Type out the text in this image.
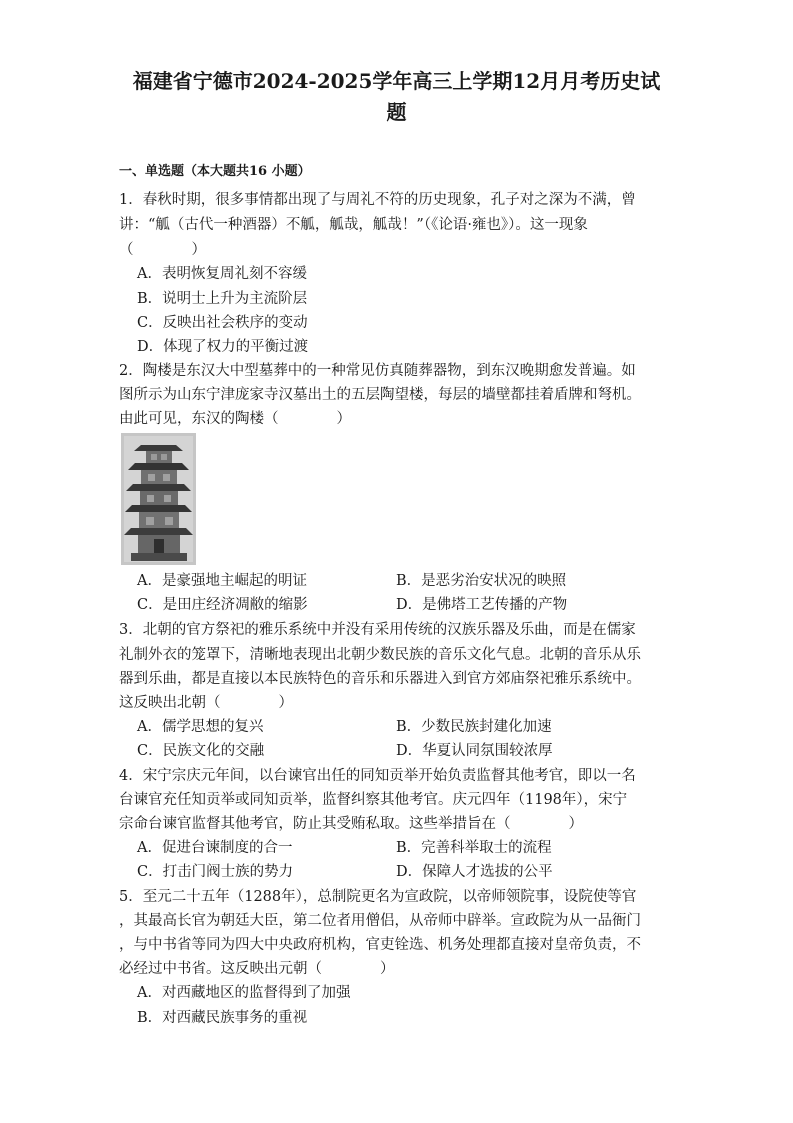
福建省宁德市2024-2025学年高三上学期12月月考历史试
题
一、单选题（本大题共16 小题）
1．春秋时期，很多事情都出现了与周礼不符的历史现象，孔子对之深为不满，曾
讲：“觚（古代一种酒器）不觚，觚哉，觚哉！”（《论语·雍也》）。这一现象
（　　　　）
A．表明恢复周礼刻不容缓
B．说明士上升为主流阶层
C．反映出社会秩序的变动
D．体现了权力的平衡过渡
2．陶楼是东汉大中型墓葬中的一种常见仿真随葬器物，到东汉晚期愈发普遍。如
图所示为山东宁津庞家寺汉墓出土的五层陶望楼，每层的墙壁都挂着盾牌和弩机。
由此可见，东汉的陶楼（　　　　）
A．是豪强地主崛起的明证	B．是恶劣治安状况的映照
C．是田庄经济凋敝的缩影	D．是佛塔工艺传播的产物
3．北朝的官方祭祀的雅乐系统中并没有采用传统的汉族乐器及乐曲，而是在儒家
礼制外衣的笼罩下，清晰地表现出北朝少数民族的音乐文化气息。北朝的音乐从乐
器到乐曲，都是直接以本民族特色的音乐和乐器进入到官方郊庙祭祀雅乐系统中。
这反映出北朝（　　　　）
A．儒学思想的复兴	B．少数民族封建化加速
C．民族文化的交融	D．华夏认同氛围较浓厚
4．宋宁宗庆元年间，以台谏官出任的同知贡举开始负责监督其他考官，即以一名
台谏官充任知贡举或同知贡举，监督纠察其他考官。庆元四年（1198年），宋宁
宗命台谏官监督其他考官，防止其受贿私取。这些举措旨在（　　　　）
A．促进台谏制度的合一	B．完善科举取士的流程
C．打击门阀士族的势力	D．保障人才选拔的公平
5．至元二十五年（1288年），总制院更名为宣政院，以帝师领院事，设院使等官
，其最高长官为朝廷大臣，第二位者用僧侣，从帝师中辟举。宣政院为从一品衙门
，与中书省等同为四大中央政府机构，官吏铨选、机务处理都直接对皇帝负责，不
必经过中书省。这反映出元朝（　　　　）
A．对西藏地区的监督得到了加强
B．对西藏民族事务的重视
